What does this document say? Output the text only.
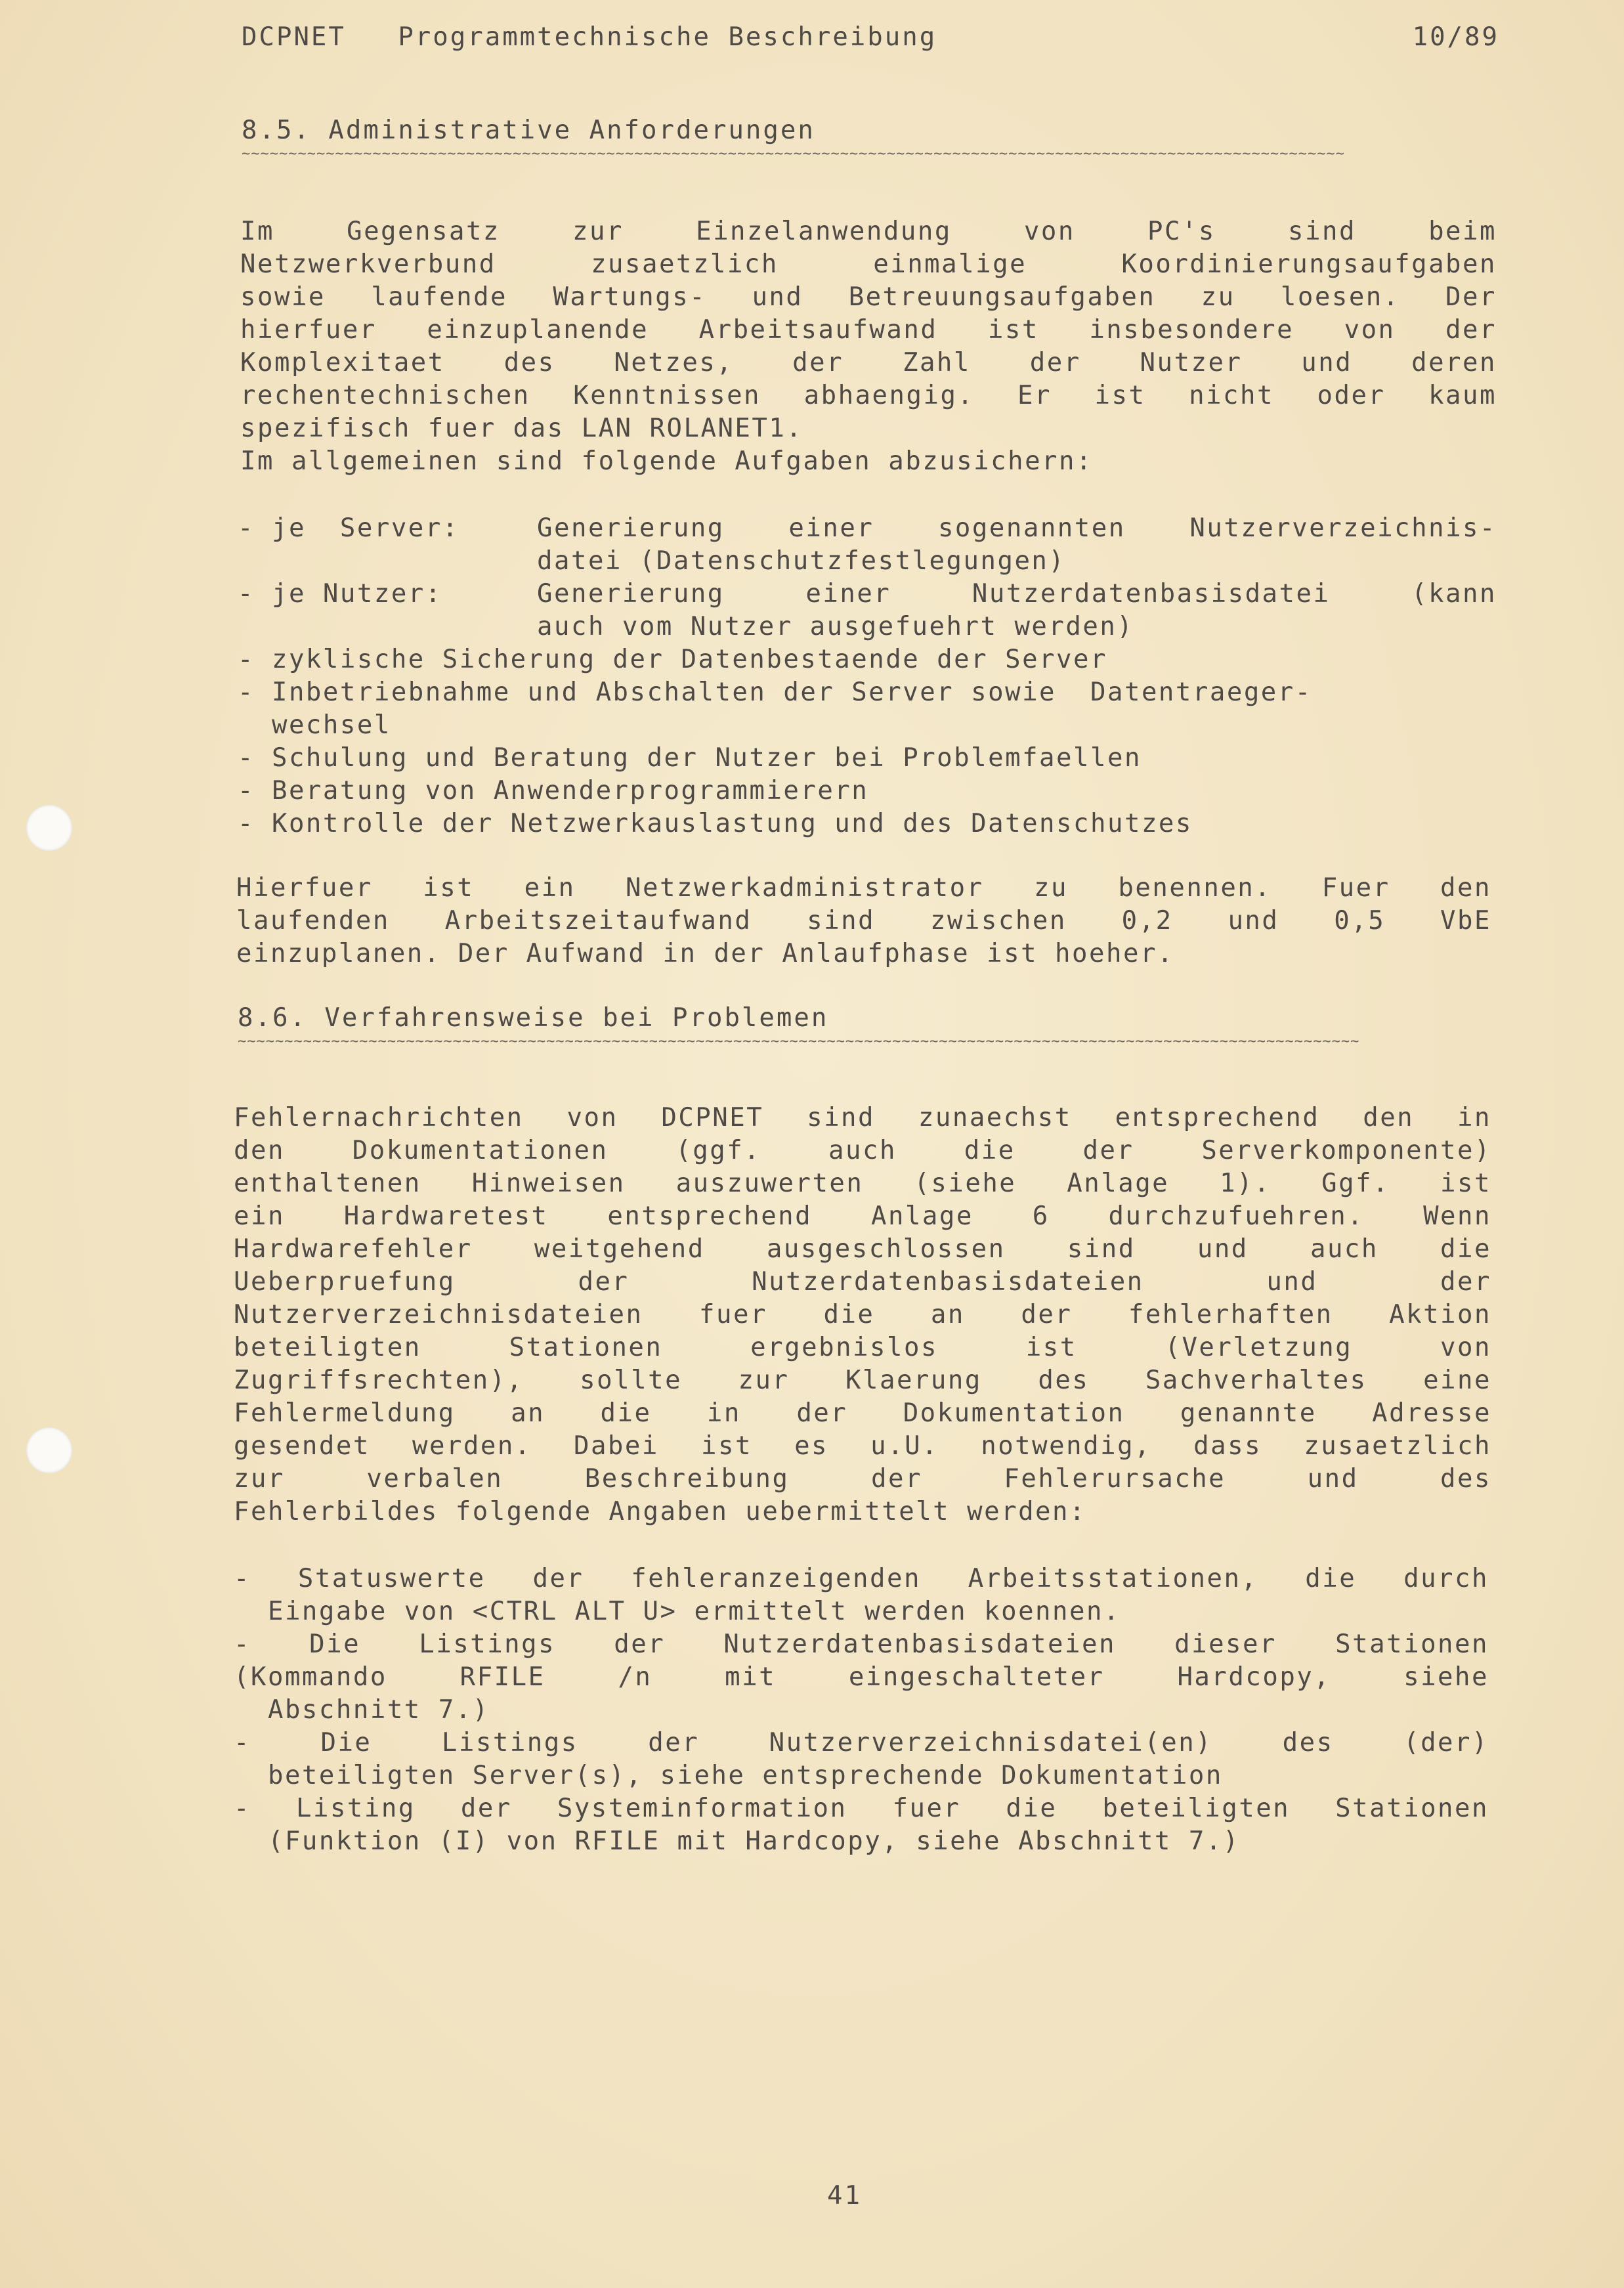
DCPNET   Programmtechnische Beschreibung

	10/89

8.5. Administrative Anforderungen
~~~~~~~~~~~~~~~~~~~~~~~~~~~~~~~~~~~~~~~~~~~~~~~~~~~~~~~~~~~~~~~~~~~~~~~~~~~~~~~~~~~~~~~~~~~~~~~~~~~~~~~~~~~~~~~~~~~~~~
Im Gegensatz zur Einzelanwendung von PC's sind beim
Netzwerkverbund zusaetzlich einmalige Koordinierungsaufgaben
sowie laufende Wartungs- und Betreuungsaufgaben zu loesen. Der
hierfuer einzuplanende Arbeitsaufwand ist insbesondere von der
Komplexitaet des Netzes, der Zahl der Nutzer und deren
rechentechnischen Kenntnissen abhaengig. Er ist nicht oder kaum
spezifisch fuer das LAN ROLANET1.
Im allgemeinen sind folgende Aufgaben abzusichern:
- je  Server:	Generierung einer sogenannten Nutzerverzeichnis-
datei (Datenschutzfestlegungen)
- je Nutzer:	Generierung einer Nutzerdatenbasisdatei (kann
auch vom Nutzer ausgefuehrt werden)
- zyklische Sicherung der Datenbestaende der Server
- Inbetriebnahme und Abschalten der Server sowie  Datentraeger-
wechsel
- Schulung und Beratung der Nutzer bei Problemfaellen
- Beratung von Anwenderprogrammierern
- Kontrolle der Netzwerkauslastung und des Datenschutzes
Hierfuer ist ein Netzwerkadministrator zu benennen. Fuer den
laufenden Arbeitszeitaufwand sind zwischen 0,2 und 0,5 VbE
einzuplanen. Der Aufwand in der Anlaufphase ist hoeher.
8.6. Verfahrensweise bei Problemen
~~~~~~~~~~~~~~~~~~~~~~~~~~~~~~~~~~~~~~~~~~~~~~~~~~~~~~~~~~~~~~~~~~~~~~~~~~~~~~~~~~~~~~~~~~~~~~~~~~~~~~~~~~~~~~~~~~~~~~~~
Fehlernachrichten von DCPNET sind zunaechst entsprechend den in
den Dokumentationen (ggf. auch die der Serverkomponente)
enthaltenen Hinweisen auszuwerten (siehe Anlage 1). Ggf. ist
ein Hardwaretest entsprechend Anlage 6 durchzufuehren. Wenn
Hardwarefehler weitgehend ausgeschlossen sind und auch die
Ueberpruefung der Nutzerdatenbasisdateien und der
Nutzerverzeichnisdateien fuer die an der fehlerhaften Aktion
beteiligten Stationen ergebnislos ist (Verletzung von
Zugriffsrechten), sollte zur Klaerung des Sachverhaltes eine
Fehlermeldung an die in der Dokumentation genannte Adresse
gesendet werden. Dabei ist es u.U. notwendig, dass zusaetzlich
zur verbalen Beschreibung der Fehlerursache und des
Fehlerbildes folgende Angaben uebermittelt werden:
- Statuswerte der fehleranzeigenden Arbeitsstationen, die durch
Eingabe von <CTRL ALT U> ermittelt werden koennen.
- Die Listings der Nutzerdatenbasisdateien dieser Stationen
(Kommando RFILE /n mit eingeschalteter Hardcopy, siehe
Abschnitt 7.)
- Die Listings der Nutzerverzeichnisdatei(en) des (der)
beteiligten Server(s), siehe entsprechende Dokumentation
- Listing der Systeminformation fuer die beteiligten Stationen
(Funktion (I) von RFILE mit Hardcopy, siehe Abschnitt 7.)
41
